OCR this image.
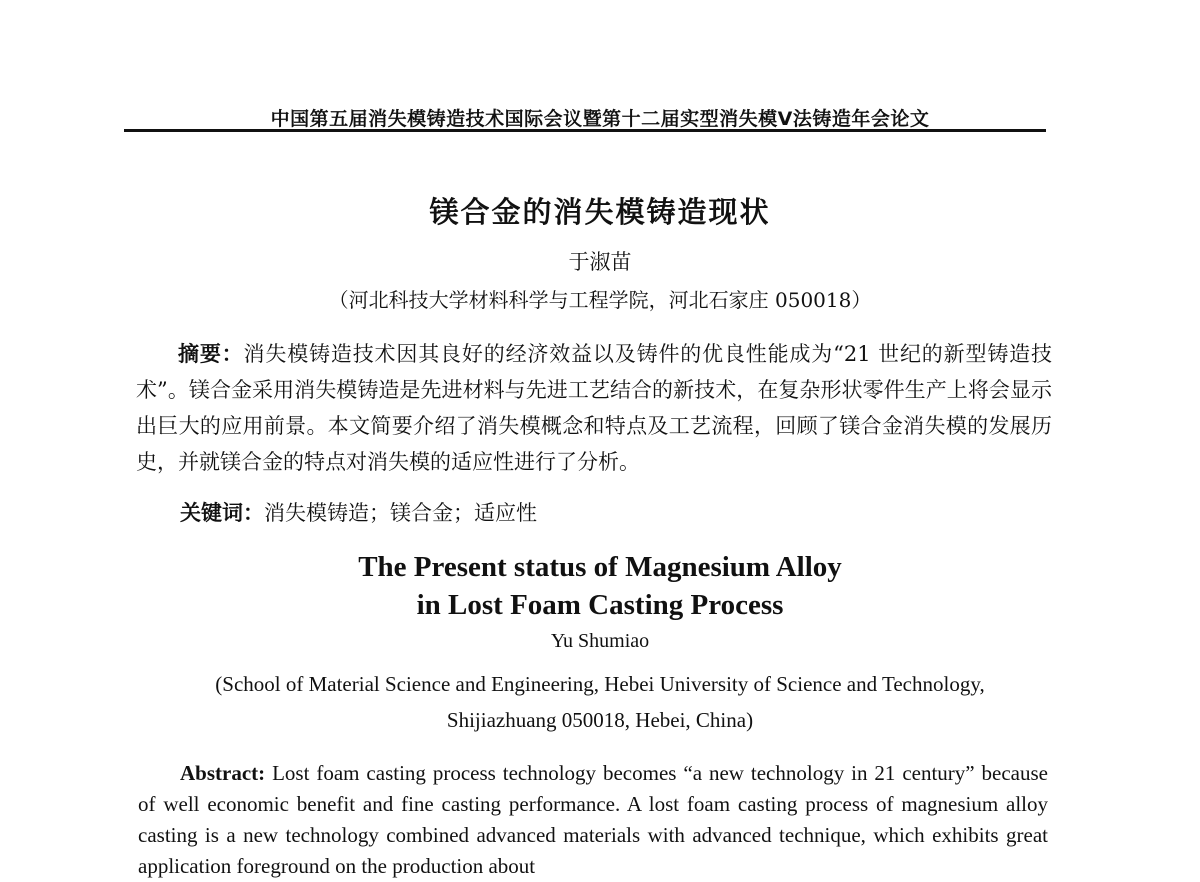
中国第五届消失模铸造技术国际会议暨第十二届实型消失模V法铸造年会论文
镁合金的消失模铸造现状
于淑苗
（河北科技大学材料科学与工程学院，河北石家庄 050018）
摘要：消失模铸造技术因其良好的经济效益以及铸件的优良性能成为“21 世纪的新型铸造技术”。镁合金采用消失模铸造是先进材料与先进工艺结合的新技术，在复杂形状零件生产上将会显示出巨大的应用前景。本文简要介绍了消失模概念和特点及工艺流程，回顾了镁合金消失模的发展历史，并就镁合金的特点对消失模的适应性进行了分析。
关键词：消失模铸造；镁合金；适应性
The Present status of Magnesium Alloy
in Lost Foam Casting Process
Yu Shumiao
(School of Material Science and Engineering, Hebei University of Science and Technology,
Shijiazhuang 050018, Hebei, China)
Abstract: Lost foam casting process technology becomes “a new technology in 21 century” because of well economic benefit and fine casting performance. A lost foam casting process of magnesium alloy casting is a new technology combined advanced materials with advanced technique, which exhibits great application foreground on the production about
